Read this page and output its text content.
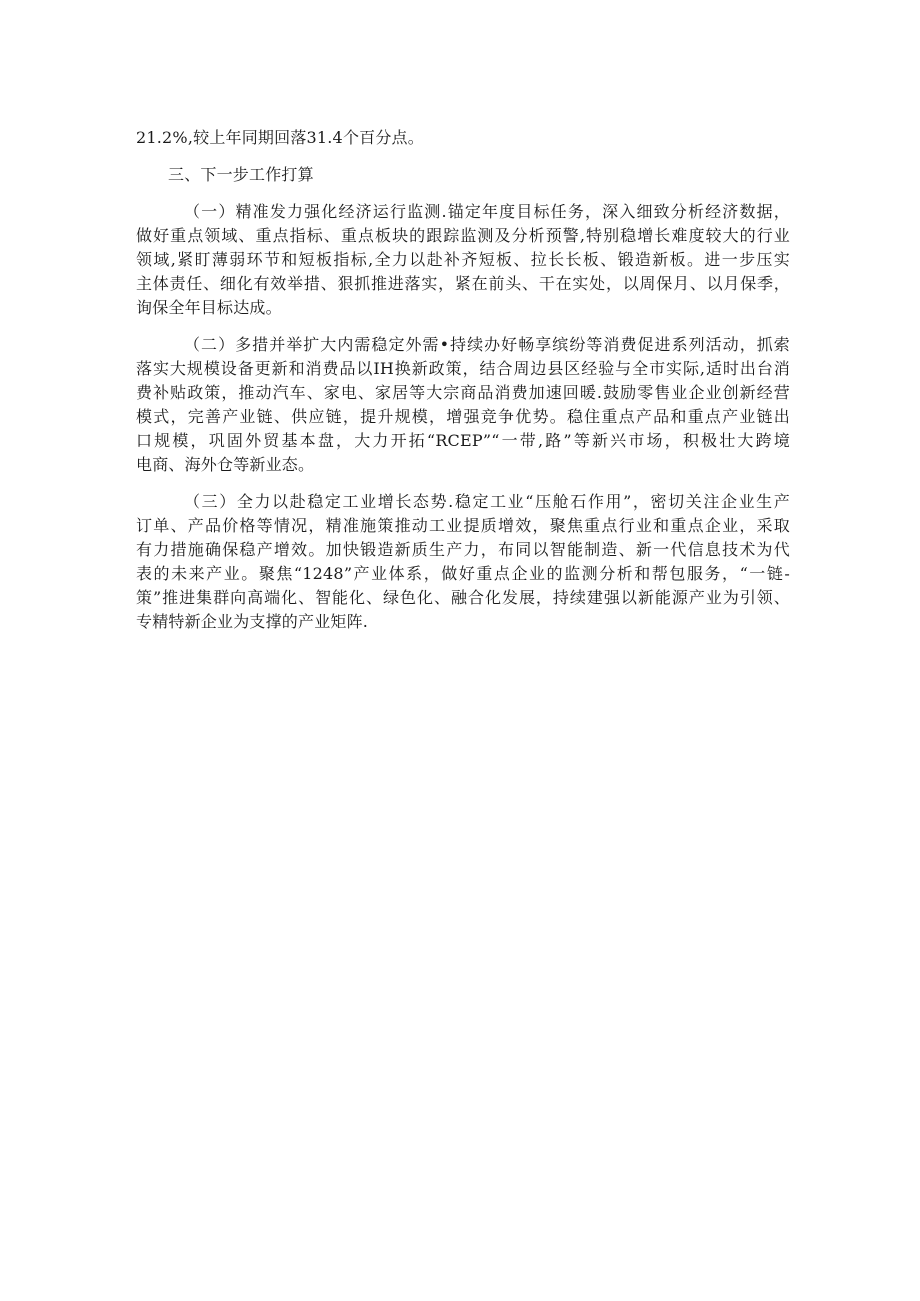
21.2%,较上年同期回落31.4个百分点。
三、下一步工作打算
（一）精准发力强化经济运行监测.锚定年度目标任务，深入细致分析经济数据，
做好重点领域、重点指标、重点板块的跟踪监测及分析预警,特别稳增长难度较大的行业
领域,紧盯薄弱环节和短板指标,全力以赴补齐短板、拉长长板、锻造新板。进一步压实
主体责任、细化有效举措、狠抓推进落实，紧在前头、干在实处，以周保月、以月保季，
询保全年目标达成。
（二）多措并举扩大内需稳定外需•持续办好畅享缤纷等消费促进系列活动，抓索
落实大规模设备更新和消费品以IH换新政策，结合周边县区经验与全市实际,适时出台消
费补贴政策，推动汽车、家电、家居等大宗商品消费加速回暖.鼓励零售业企业创新经营
模式，完善产业链、供应链，提升规模，增强竞争优势。稳住重点产品和重点产业链出
口规模，巩固外贸基本盘，大力开拓“RCEP”“一带,路”等新兴市场，积极壮大跨境
电商、海外仓等新业态。
（三）全力以赴稳定工业增长态势.稳定工业“压舱石作用”，密切关注企业生产
订单、产品价格等情况，精准施策推动工业提质增效，聚焦重点行业和重点企业，采取
有力措施确保稳产增效。加快锻造新质生产力，布同以智能制造、新一代信息技术为代
表的未来产业。聚焦“1248”产业体系，做好重点企业的监测分析和帮包服务，“一链-
策”推进集群向高端化、智能化、绿色化、融合化发展，持续建强以新能源产业为引领、
专精特新企业为支撑的产业矩阵.
